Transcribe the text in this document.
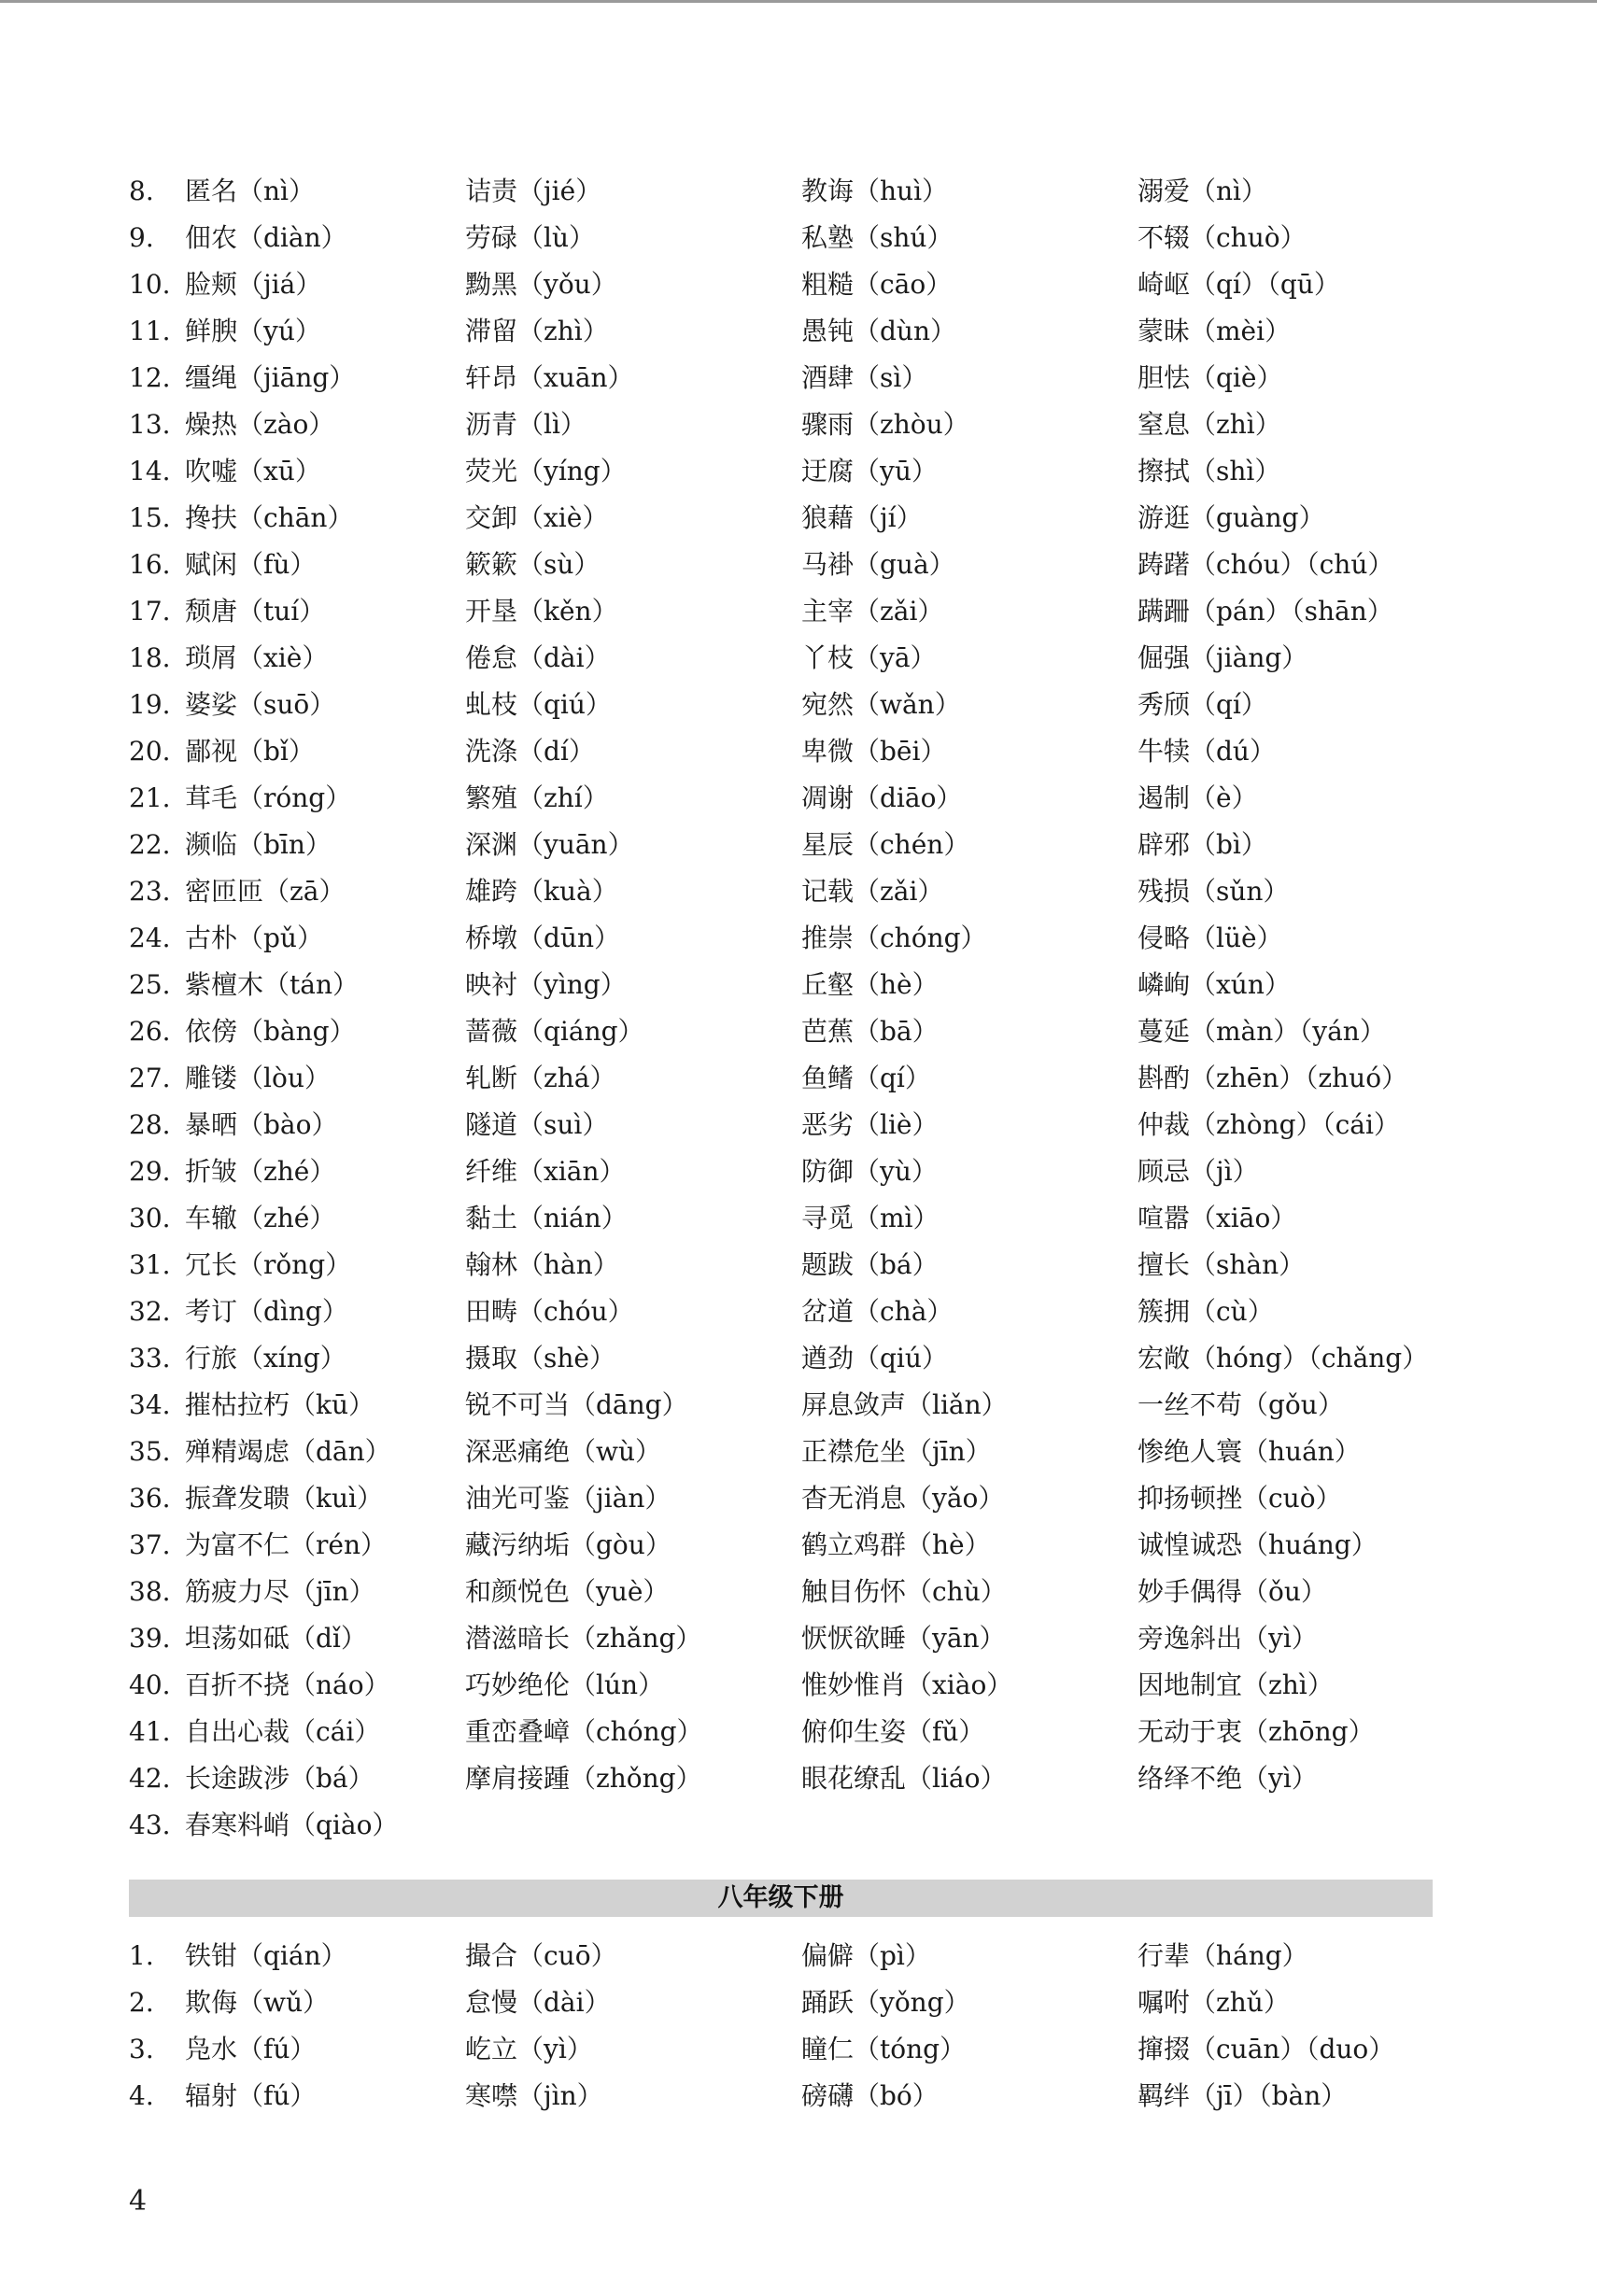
8.	匿名（nì）	诘责（jié）	教诲（huì）	溺爱（nì）
9.	佃农（diàn）	劳碌（lù）	私塾（shú）	不辍（chuò）
10. 脸颊（jiá）	黝黑（yǒu）	粗糙（cāo）	崎岖（qí）（qū）
11. 鲜腴（yú）	滞留（zhì）	愚钝（dùn）	蒙昧（mèi）
12. 缰绳（jiāng）	轩昂（xuān）	酒肆（sì）	胆怯（qiè）
13. 燥热（zào）	沥青（lì）	骤雨（zhòu）	窒息（zhì）
14. 吹嘘（xū）	荧光（yíng）	迂腐（yū）	擦拭（shì）
15. 搀扶（chān）	交卸（xiè）	狼藉（jí）	游逛（guàng）
16. 赋闲（fù）	簌簌（sù）	马褂（guà）	踌躇（chóu）（chú）
17. 颓唐（tuí）	开垦（kěn）	主宰（zǎi）	蹒跚（pán）（shān）
18. 琐屑（xiè）	倦怠（dài）	丫枝（yā）	倔强（jiàng）
19. 婆娑（suō）	虬枝（qiú）	宛然（wǎn）	秀颀（qí）
20. 鄙视（bǐ）	洗涤（dí）	卑微（bēi）	牛犊（dú）
21. 茸毛（róng）	繁殖（zhí）	凋谢（diāo）	遏制（è）
22. 濒临（bīn）	深渊（yuān）	星辰（chén）	辟邪（bì）
23. 密匝匝（zā）	雄跨（kuà）	记载（zǎi）	残损（sǔn）
24. 古朴（pǔ）	桥墩（dūn）	推崇（chóng）	侵略（lüè）
25. 紫檀木（tán）	映衬（yìng）	丘壑（hè）	嶙峋（xún）
26. 依傍（bàng）	蔷薇（qiáng）	芭蕉（bā）	蔓延（màn）（yán）
27. 雕镂（lòu）	轧断（zhá）	鱼鳍（qí）	斟酌（zhēn）（zhuó）
28. 暴晒（bào）	隧道（suì）	恶劣（liè）	仲裁（zhòng）（cái）
29. 折皱（zhé）	纤维（xiān）	防御（yù）	顾忌（jì）
30. 车辙（zhé）	黏土（nián）	寻觅（mì）	喧嚣（xiāo）
31. 冗长（rǒng）	翰林（hàn）	题跋（bá）	擅长（shàn）
32. 考订（dìng）	田畴（chóu）	岔道（chà）	簇拥（cù）
33. 行旅（xíng）	摄取（shè）	遒劲（qiú）	宏敞（hóng）（chǎng）
34. 摧枯拉朽（kū）	锐不可当（dāng）	屏息敛声（liǎn）	一丝不苟（gǒu）
35. 殚精竭虑（dān）	深恶痛绝（wù）	正襟危坐（jīn）	惨绝人寰（huán）
36. 振聋发聩（kuì）	油光可鉴（jiàn）	杳无消息（yǎo）	抑扬顿挫（cuò）
37. 为富不仁（rén）	藏污纳垢（gòu）	鹤立鸡群（hè）	诚惶诚恐（huáng）
38. 筋疲力尽（jīn）	和颜悦色（yuè）	触目伤怀（chù）	妙手偶得（ǒu）
39. 坦荡如砥（dǐ）	潜滋暗长（zhǎng）	恹恹欲睡（yān）	旁逸斜出（yì）
40. 百折不挠（náo）	巧妙绝伦（lún）	惟妙惟肖（xiào）	因地制宜（zhì）
41. 自出心裁（cái）	重峦叠嶂（chóng）	俯仰生姿（fǔ）	无动于衷（zhōng）
42. 长途跋涉（bá）	摩肩接踵（zhǒng）	眼花缭乱（liáo）	络绎不绝（yì）
43. 春寒料峭（qiào）
八年级下册
1.	铁钳（qián）	撮合（cuō）	偏僻（pì）	行辈（háng）
2.	欺侮（wǔ）	怠慢（dài）	踊跃（yǒng）	嘱咐（zhǔ）
3.	凫水（fú）	屹立（yì）	瞳仁（tóng）	撺掇（cuān）（duo）
4.	辐射（fú）	寒噤（jìn）	磅礴（bó）	羁绊（jī）（bàn）
4
